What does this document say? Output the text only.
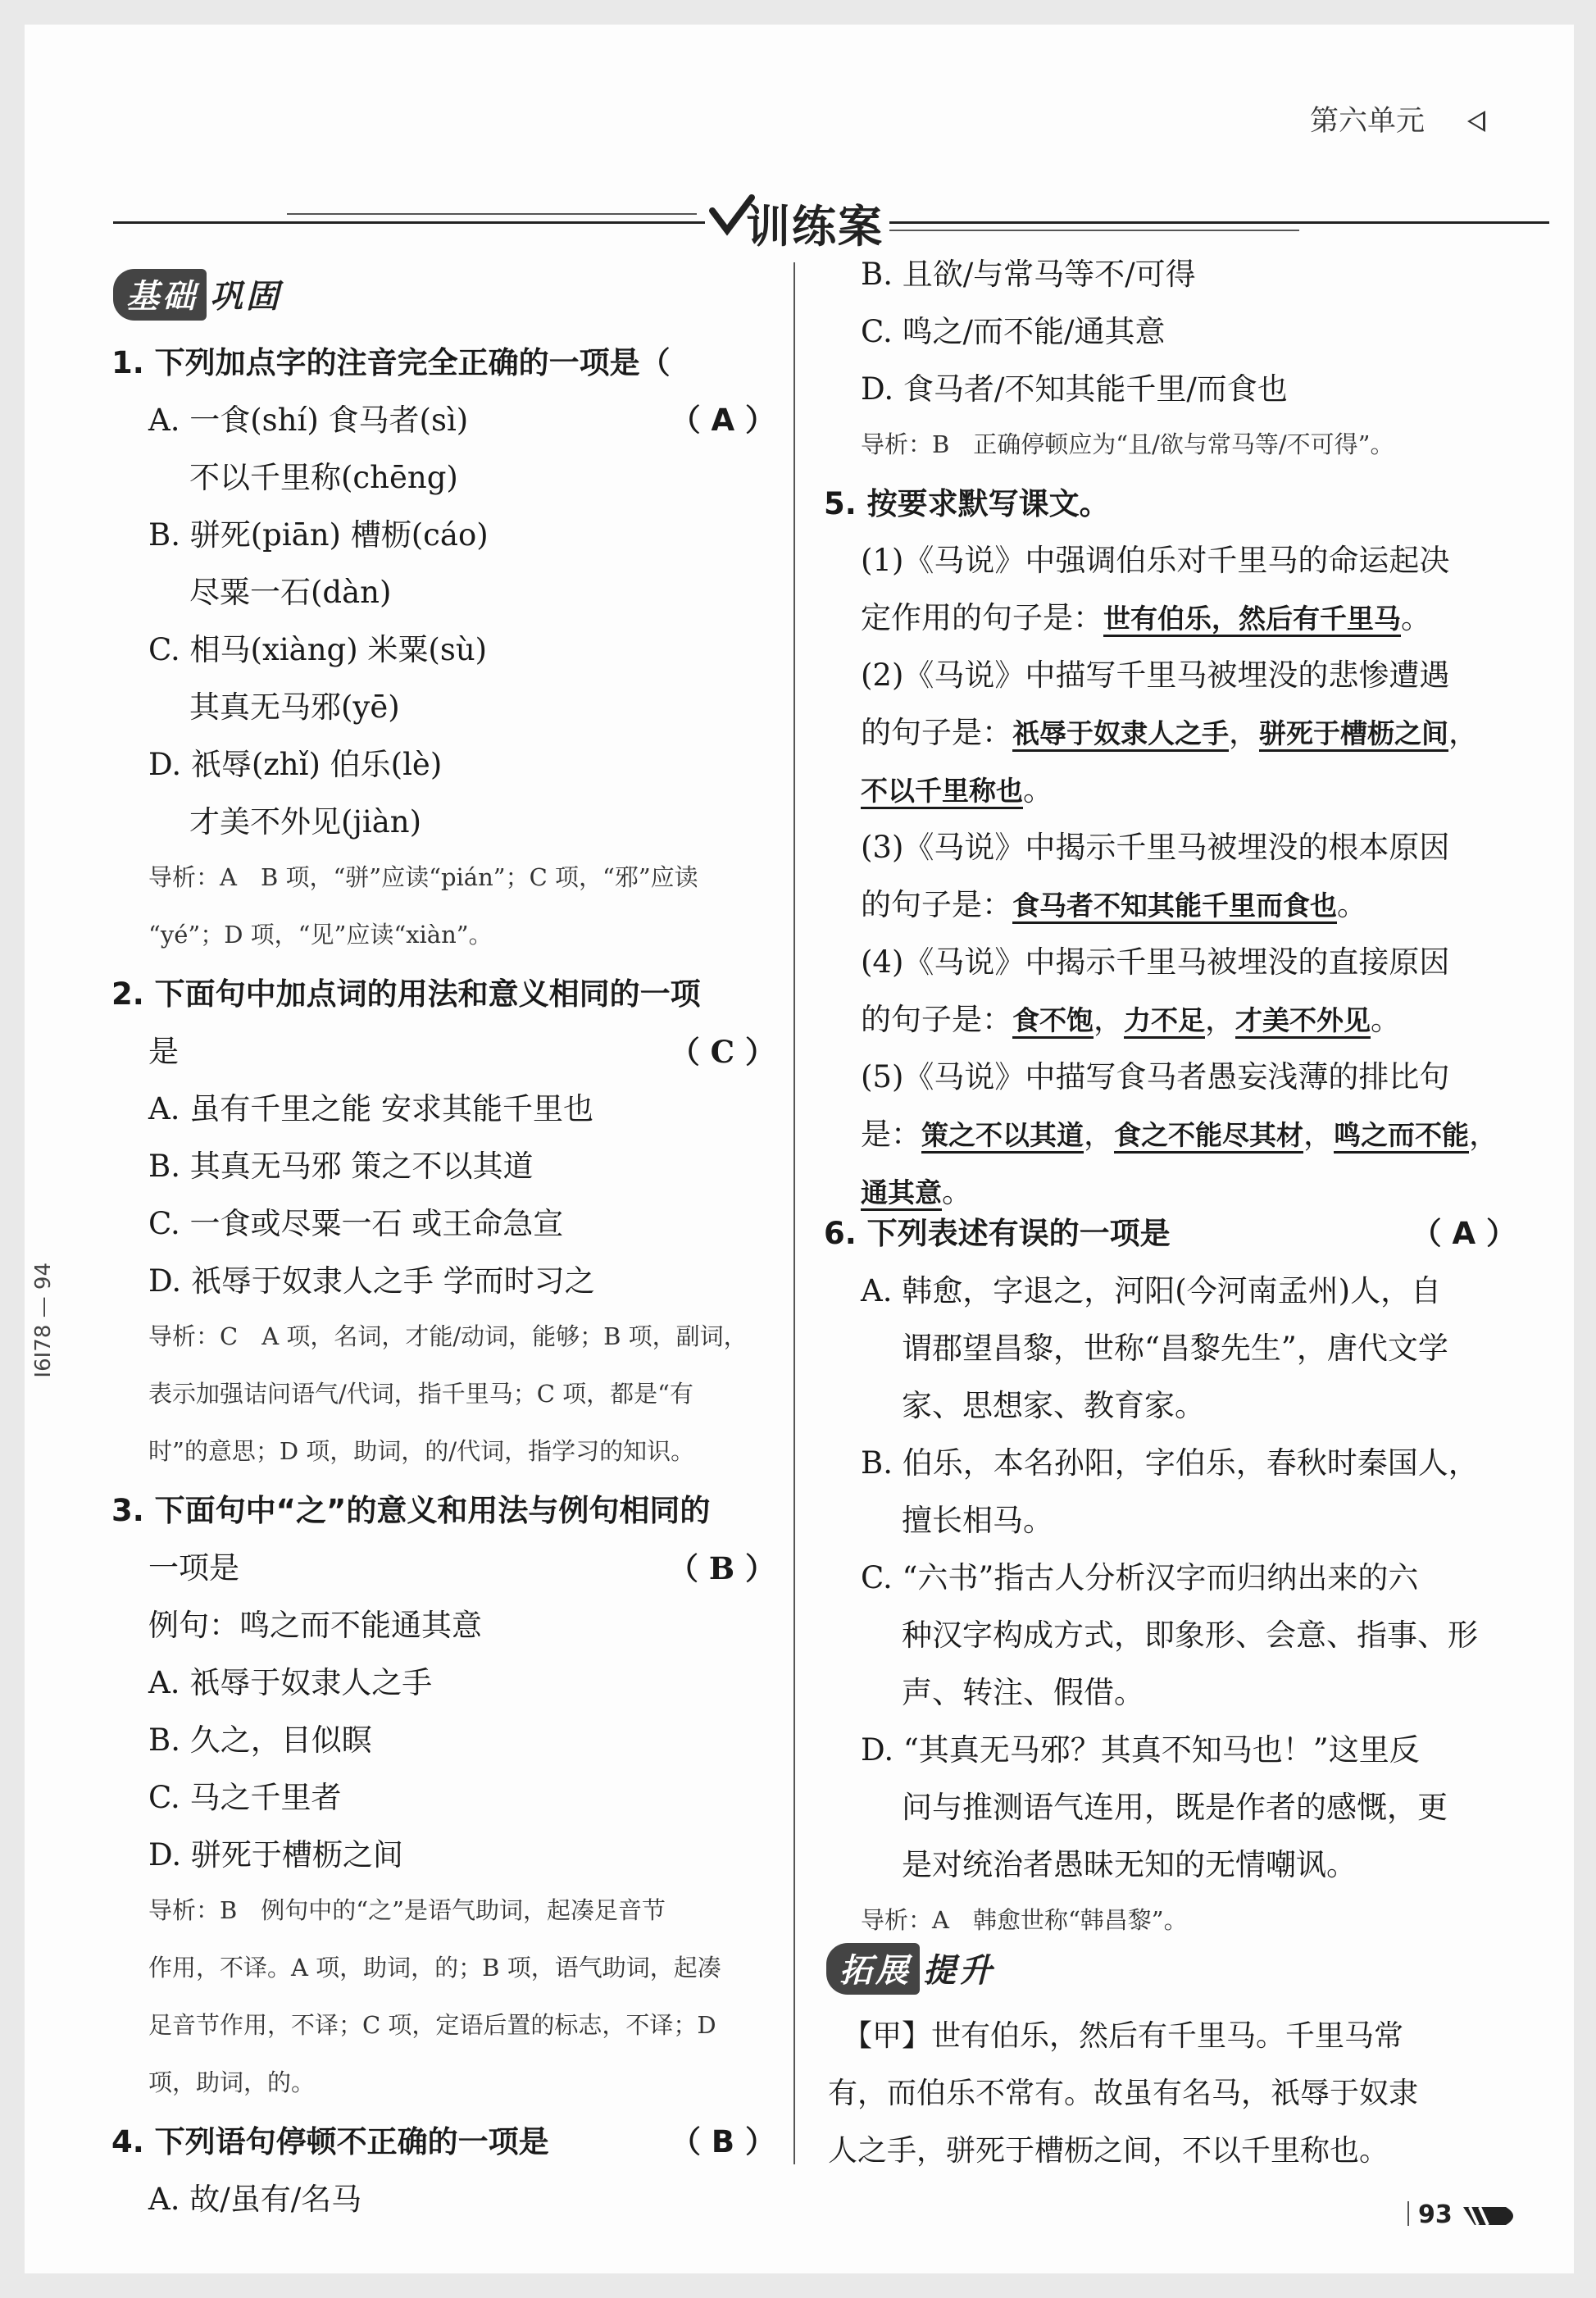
第六单元
训练案
I6I78 — 94
基础 巩固
1. 下列加点字的注音完全正确的一项是（
（ A ）
A. 一食(shí) 食马者(sì)
不以千里称(chēng)
B. 骈死(piān) 槽枥(cáo)
尽粟一石(dàn)
C. 相马(xiàng) 米粟(sù)
其真无马邪(yē)
D. 祇辱(zhǐ) 伯乐(lè)
才美不外见(jiàn)
导析：A　B 项，“骈”应读“pián”；C 项，“邪”应读
“yé”；D 项，“见”应读“xiàn”。
2. 下面句中加点词的用法和意义相同的一项
是	（ C ）
A. 虽有千里之能 安求其能千里也
B. 其真无马邪 策之不以其道
C. 一食或尽粟一石 或王命急宣
D. 祇辱于奴隶人之手 学而时习之
导析：C　A 项，名词，才能/动词，能够；B 项，副词，
表示加强诘问语气/代词，指千里马；C 项，都是“有
时”的意思；D 项，助词，的/代词，指学习的知识。
3. 下面句中“之”的意义和用法与例句相同的
一项是	（ B ）
例句：鸣之而不能通其意
A. 祇辱于奴隶人之手
B. 久之，目似瞑
C. 马之千里者
D. 骈死于槽枥之间
导析：B　例句中的“之”是语气助词，起凑足音节
作用，不译。A 项，助词，的；B 项，语气助词，起凑
足音节作用，不译；C 项，定语后置的标志，不译；D
项，助词，的。
4. 下列语句停顿不正确的一项是	（ B ）
A. 故/虽有/名马
B. 且欲/与常马等不/可得
C. 鸣之/而不能/通其意
D. 食马者/不知其能千里/而食也
导析：B　正确停顿应为“且/欲与常马等/不可得”。
5. 按要求默写课文。
(1)《马说》中强调伯乐对千里马的命运起决
定作用的句子是：世有伯乐，然后有千里马。
(2)《马说》中描写千里马被埋没的悲惨遭遇
的句子是：祇辱于奴隶人之手，骈死于槽枥之间，
不以千里称也。
(3)《马说》中揭示千里马被埋没的根本原因
的句子是：食马者不知其能千里而食也。
(4)《马说》中揭示千里马被埋没的直接原因
的句子是：食不饱，力不足，才美不外见。
(5)《马说》中描写食马者愚妄浅薄的排比句
是：策之不以其道，食之不能尽其材，鸣之而不能，
通其意。
6. 下列表述有误的一项是	（ A ）
A. 韩愈，字退之，河阳(今河南孟州)人，自
谓郡望昌黎，世称“昌黎先生”，唐代文学
家、思想家、教育家。
B. 伯乐，本名孙阳，字伯乐，春秋时秦国人，
擅长相马。
C. “六书”指古人分析汉字而归纳出来的六
种汉字构成方式，即象形、会意、指事、形
声、转注、假借。
D. “其真无马邪？其真不知马也！”这里反
问与推测语气连用，既是作者的感慨，更
是对统治者愚昧无知的无情嘲讽。
导析：A　韩愈世称“韩昌黎”。
拓展 提升
　【甲】世有伯乐，然后有千里马。千里马常
有，而伯乐不常有。故虽有名马，祇辱于奴隶
人之手，骈死于槽枥之间，不以千里称也。
93
